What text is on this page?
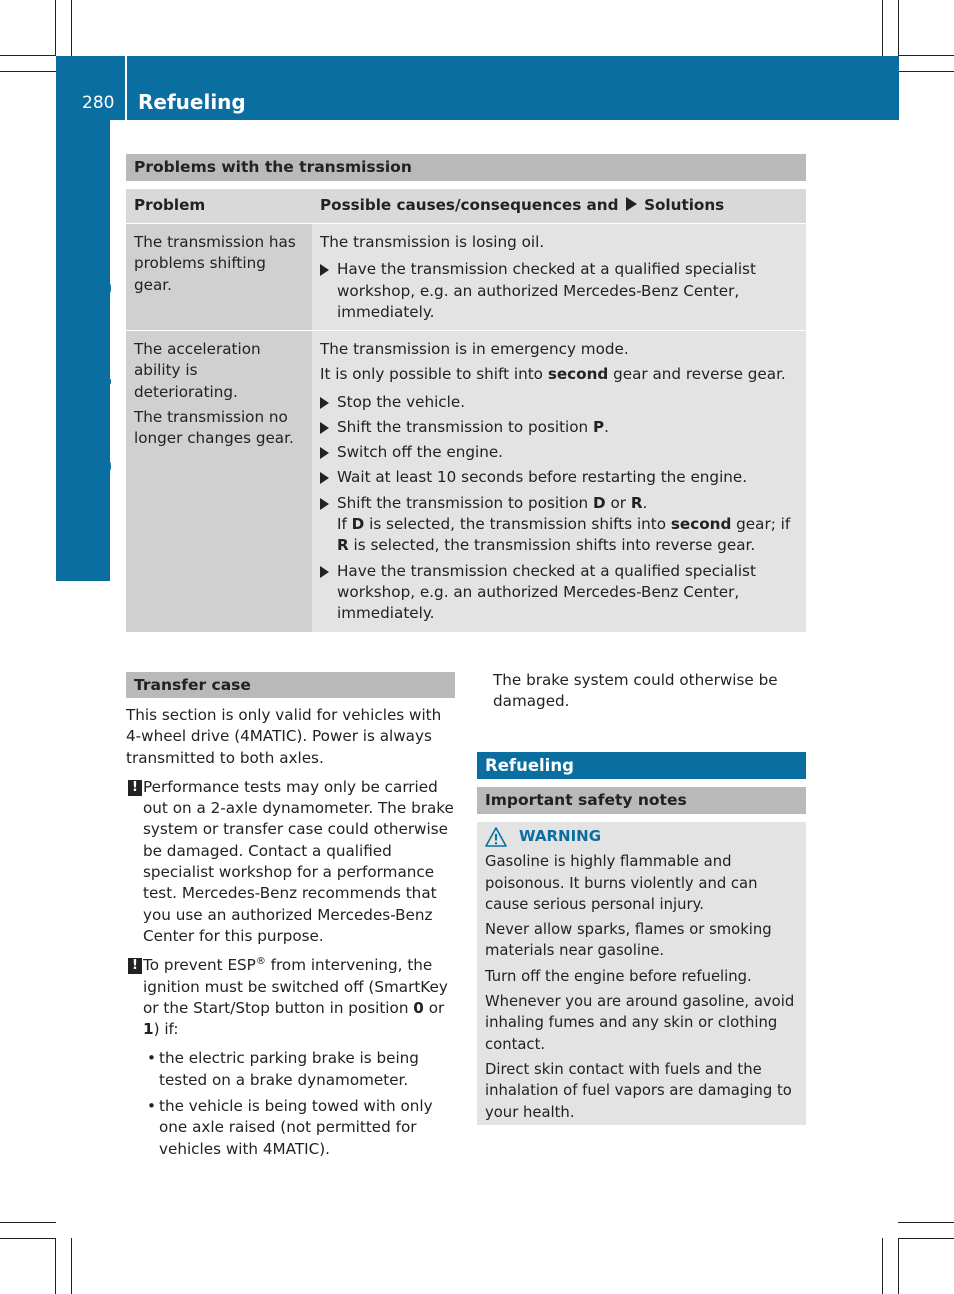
280 Refueling
Driving and parking
Problems with the transmission
Problem	Possible causes/consequences and Solutions

The transmission has problems shifting gear.

The transmission is losing oil.

Have the transmission checked at a qualified specialist workshop, e.g. an authorized Mercedes-Benz Center, immediately.

The acceleration ability is deteriorating.

The transmission no longer changes gear.

The transmission is in emergency mode.

It is only possible to shift into second gear and reverse gear.

Stop the vehicle.
Shift the transmission to position P.
Switch off the engine.
Wait at least 10 seconds before restarting the engine.
Shift the transmission to position D or R.
If D is selected, the transmission shifts into second gear; if R is selected, the transmission shifts into reverse gear.
Have the transmission checked at a qualified specialist workshop, e.g. an authorized Mercedes-Benz Center, immediately.
Transfer case

This section is only valid for vehicles with 4-wheel drive (4MATIC). Power is always transmitted to both axles.

! Performance tests may only be carried out on a 2-axle dynamometer. The brake system or transfer case could otherwise be damaged. Contact a qualified specialist workshop for a performance test. Mercedes-Benz recommends that you use an authorized Mercedes-Benz Center for this purpose.
! To prevent ESP® from intervening, the ignition must be switched off (SmartKey or the Start/Stop button in position 0 or 1) if:
• the electric parking brake is being tested on a brake dynamometer.
• the vehicle is being towed with only one axle raised (not permitted for vehicles with 4MATIC).

The brake system could otherwise be damaged.

Refueling
Important safety notes
WARNING

Gasoline is highly flammable and poisonous. It burns violently and can cause serious personal injury.

Never allow sparks, flames or smoking materials near gasoline.

Turn off the engine before refueling.

Whenever you are around gasoline, avoid inhaling fumes and any skin or clothing contact.

Direct skin contact with fuels and the inhalation of fuel vapors are damaging to your health.
